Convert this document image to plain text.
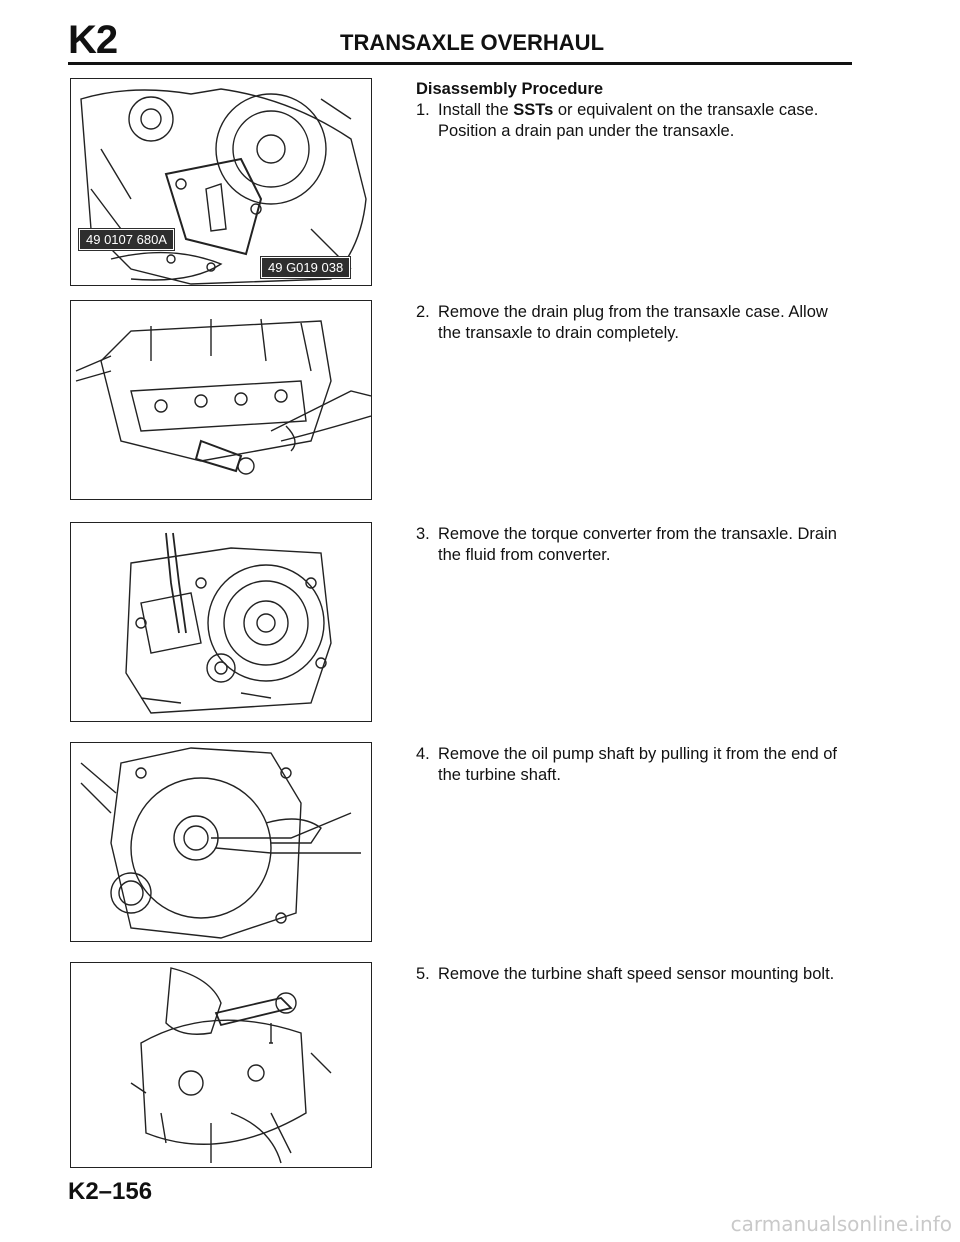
K2	TRANSAXLE OVERHAUL
49 0107 680A
49 G019 038
Disassembly Procedure
1. Install the SSTs or equivalent on the transaxle case.
Position a drain pan under the transaxle.
2. Remove the drain plug from the transaxle case. Allow
the transaxle to drain completely.
3. Remove the torque converter from the transaxle. Drain
the fluid from converter.
4. Remove the oil pump shaft by pulling it from the end of
the turbine shaft.
5. Remove the turbine shaft speed sensor mounting bolt.
K2–156
carmanualsonline.info
